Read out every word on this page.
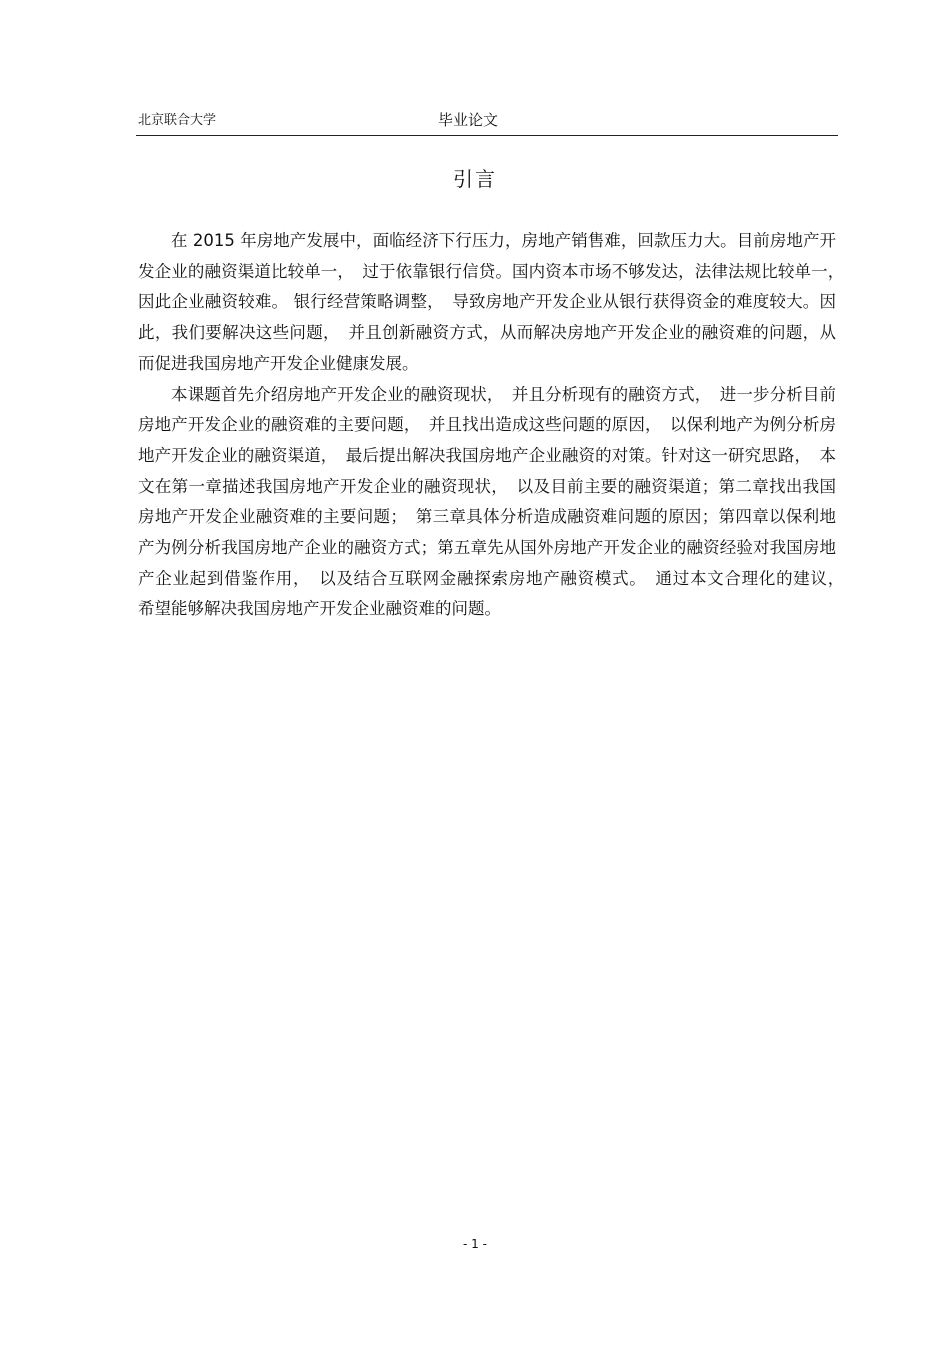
北京联合大学	毕业论文
引言

在 2015 年房地产发展中，面临经济下行压力，房地产销售难，回款压力大。目前房地产开发企业的融资渠道比较单一，　过于依靠银行信贷。国内资本市场不够发达，法律法规比较单一，　因此企业融资较难。 银行经营策略调整，　导致房地产开发企业从银行获得资金的难度较大。因此，我们要解决这些问题，　并且创新融资方式，从而解决房地产开发企业的融资难的问题，从而促进我国房地产开发企业健康发展。

本课题首先介绍房地产开发企业的融资现状，　并且分析现有的融资方式，　进一步分析目前房地产开发企业的融资难的主要问题，　并且找出造成这些问题的原因，　以保利地产为例分析房地产开发企业的融资渠道，　最后提出解决我国房地产企业融资的对策。针对这一研究思路，　本文在第一章描述我国房地产开发企业的融资现状，　以及目前主要的融资渠道；第二章找出我国房地产开发企业融资难的主要问题；　第三章具体分析造成融资难问题的原因；第四章以保利地产为例分析我国房地产企业的融资方式；第五章先从国外房地产开发企业的融资经验对我国房地产企业起到借鉴作用，　以及结合互联网金融探索房地产融资模式。　通过本文合理化的建议，　希望能够解决我国房地产开发企业融资难的问题。

- 1 -
